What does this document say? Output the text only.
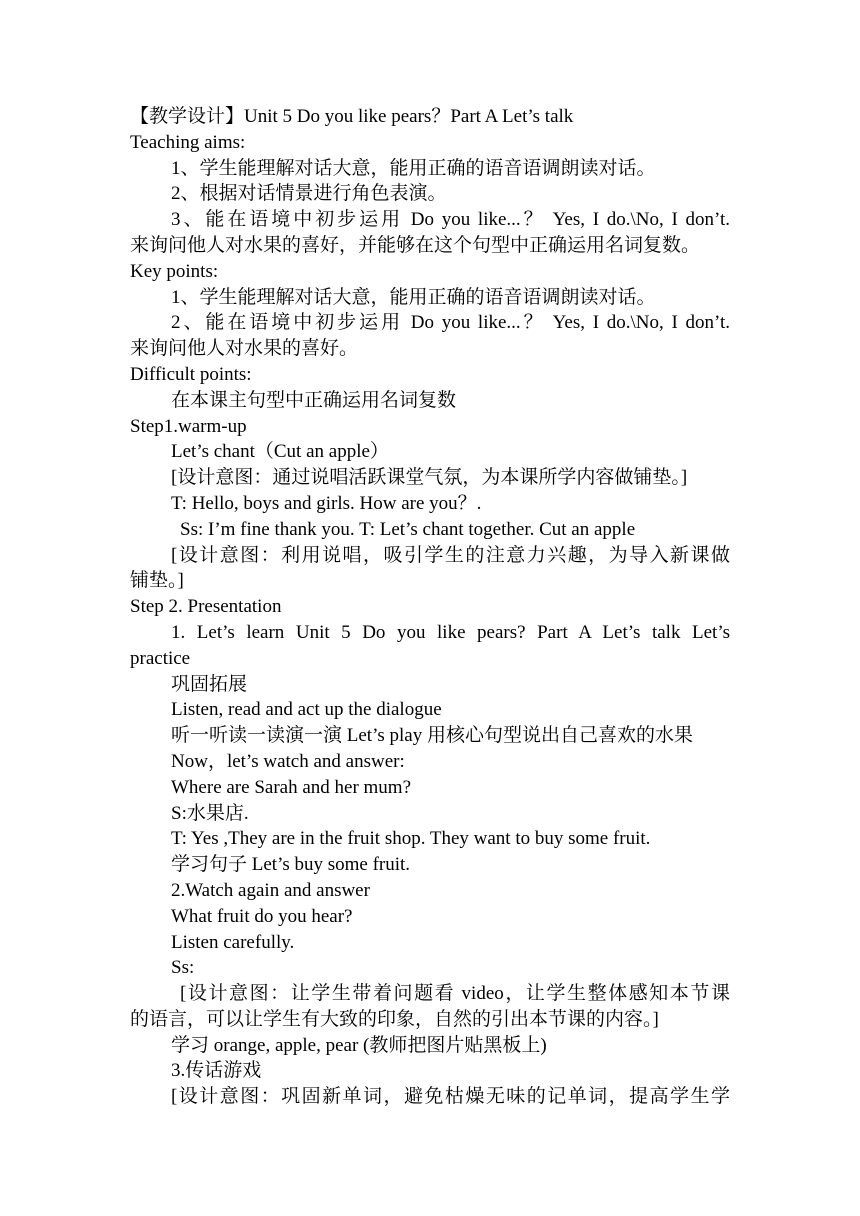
【教学设计】Unit 5 Do you like pears？Part A Let’s talk
Teaching aims:
1、学生能理解对话大意，能用正确的语音语调朗读对话。
2、根据对话情景进行角色表演。
3、能在语境中初步运用 Do you like...？ Yes, I do.\No, I don’t.
来询问他人对水果的喜好，并能够在这个句型中正确运用名词复数。
Key points:
1、学生能理解对话大意，能用正确的语音语调朗读对话。
2、能在语境中初步运用 Do you like...？ Yes, I do.\No, I don’t.
来询问他人对水果的喜好。
Difficult points:
在本课主句型中正确运用名词复数
Step1.warm-up
Let’s chant（Cut an apple）
[设计意图：通过说唱活跃课堂气氛，为本课所学内容做铺垫。]
T: Hello, boys and girls. How are you？.
Ss: I’m fine thank you. T: Let’s chant together. Cut an apple
[设计意图：利用说唱，吸引学生的注意力兴趣，为导入新课做
铺垫。]
Step 2. Presentation
1. Let’s learn Unit 5 Do you like pears? Part A Let’s talk Let’s
practice
巩固拓展
Listen, read and act up the dialogue
听一听读一读演一演 Let’s play 用核心句型说出自己喜欢的水果
Now，let’s watch and answer:
Where are Sarah and her mum?
S:水果店.
T: Yes ,They are in the fruit shop. They want to buy some fruit.
学习句子 Let’s buy some fruit.
2.Watch again and answer
What fruit do you hear?
Listen carefully.
Ss:
[设计意图：让学生带着问题看 video，让学生整体感知本节课
的语言，可以让学生有大致的印象，自然的引出本节课的内容。]
学习 orange, apple, pear (教师把图片贴黑板上)
3.传话游戏
[设计意图：巩固新单词，避免枯燥无味的记单词，提高学生学
